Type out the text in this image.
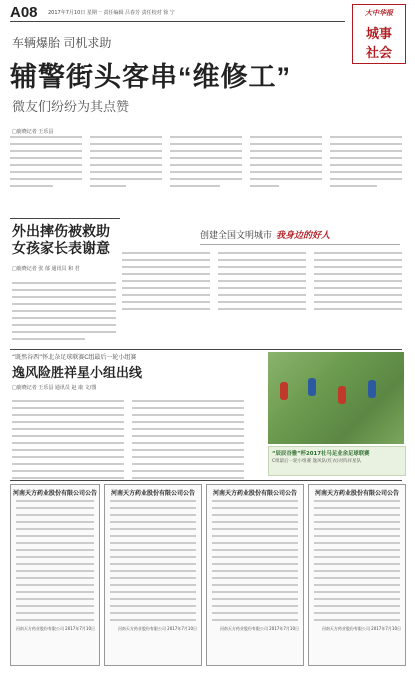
A08 2017年7月10日 星期一 责任编辑 吕春芳 责任校对 徐 宁	大中华报
城事
社会
车辆爆胎 司机求助
辅警街头客串“维修工”
微友们纷纷为其点赞
□鹿晓记者 王乐县
外出摔伤被救助
女孩家长表谢意
□鹿晓记者 张 郁 通讯员 和 君
创建全国文明城市 我身边的好人
“既然谷西”怀北杂足球联赛C组最后一轮小组赛
逸风险胜祥星小组出线
□鹿晓记者 王乐县 通讯员 赵 康 文/图
“辰辰谷雅”杯2017社马足业余足球联赛
C组最后一轮小组赛 逸风队(红衣)对阵祥星队
河南天方药业股份有限公司公告
河南天方药业股份有限公司 2017年7月10日
河南天方药业股份有限公司公告
河南天方药业股份有限公司 2017年7月10日
河南天方药业股份有限公司公告
河南天方药业股份有限公司 2017年7月10日
河南天方药业股份有限公司公告
河南天方药业股份有限公司 2017年7月10日
